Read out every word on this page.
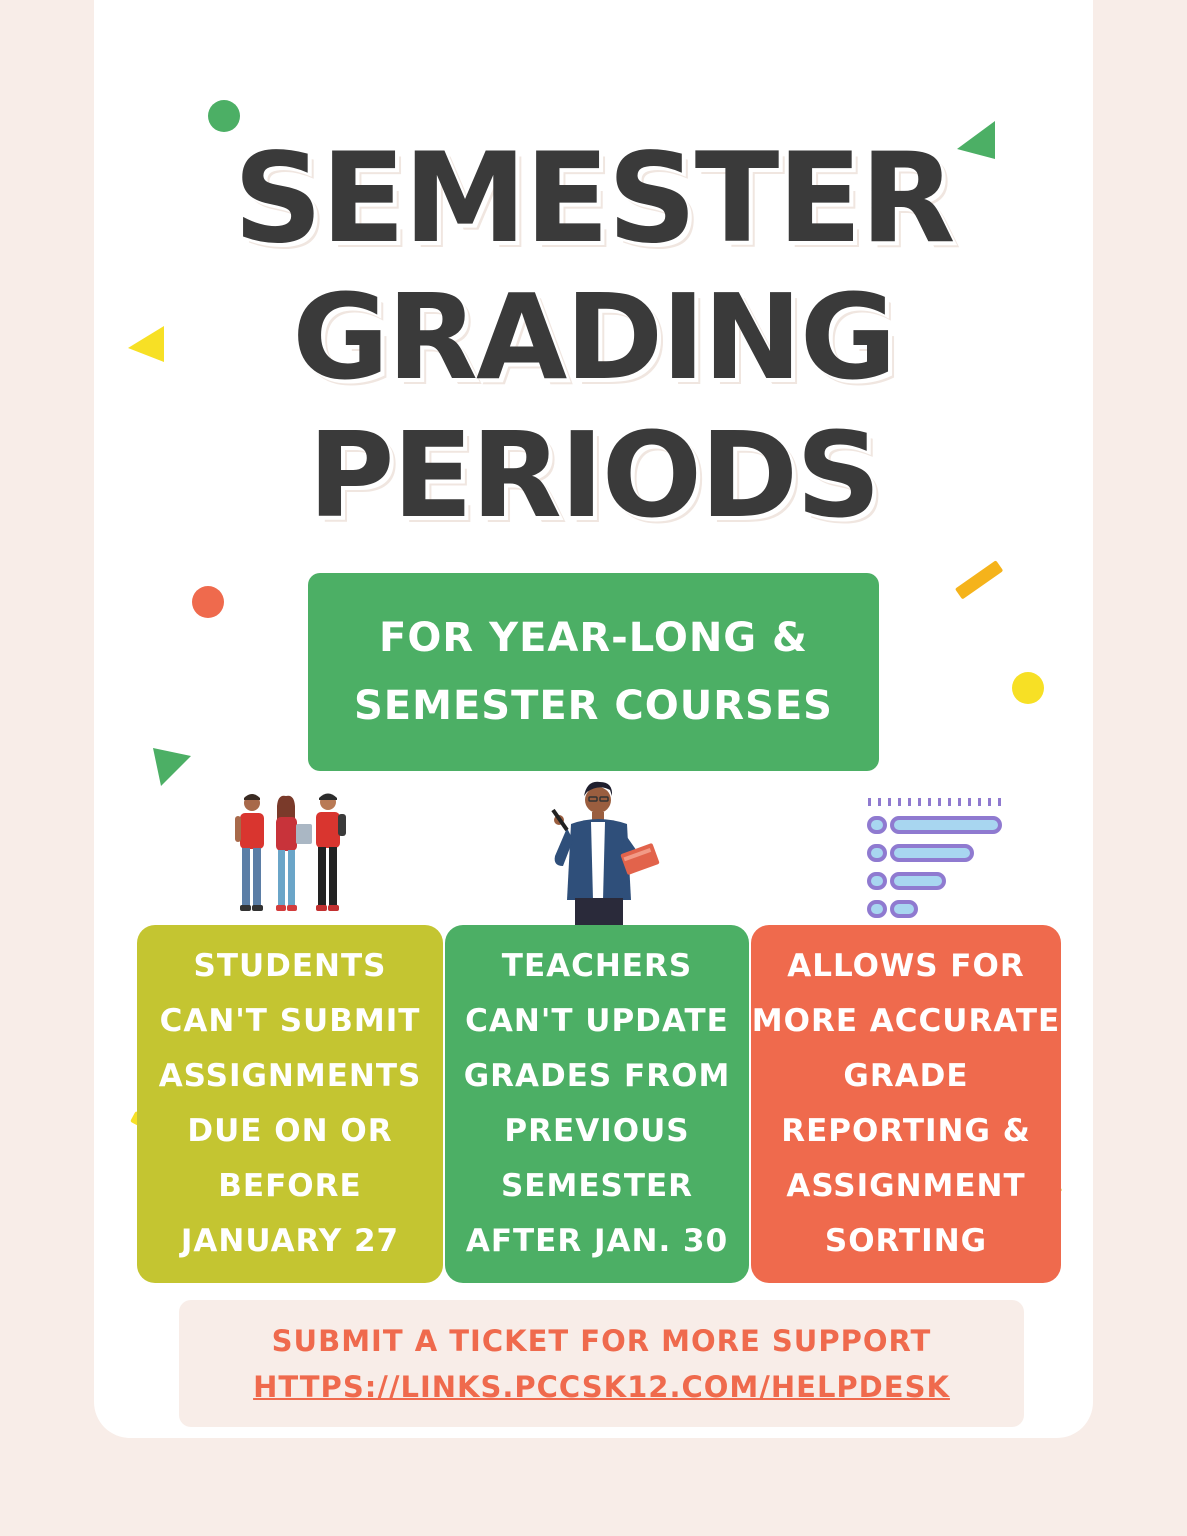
SEMESTER
GRADING
PERIODS
FOR YEAR-LONG &
SEMESTER COURSES
STUDENTS
CAN'T SUBMIT
ASSIGNMENTS
DUE ON OR
BEFORE
JANUARY 27
TEACHERS
CAN'T UPDATE
GRADES FROM
PREVIOUS
SEMESTER
AFTER JAN. 30
ALLOWS FOR
MORE ACCURATE
GRADE
REPORTING &
ASSIGNMENT
SORTING
SUBMIT A TICKET FOR MORE SUPPORT
HTTPS://LINKS.PCCSK12.COM/HELPDESK
